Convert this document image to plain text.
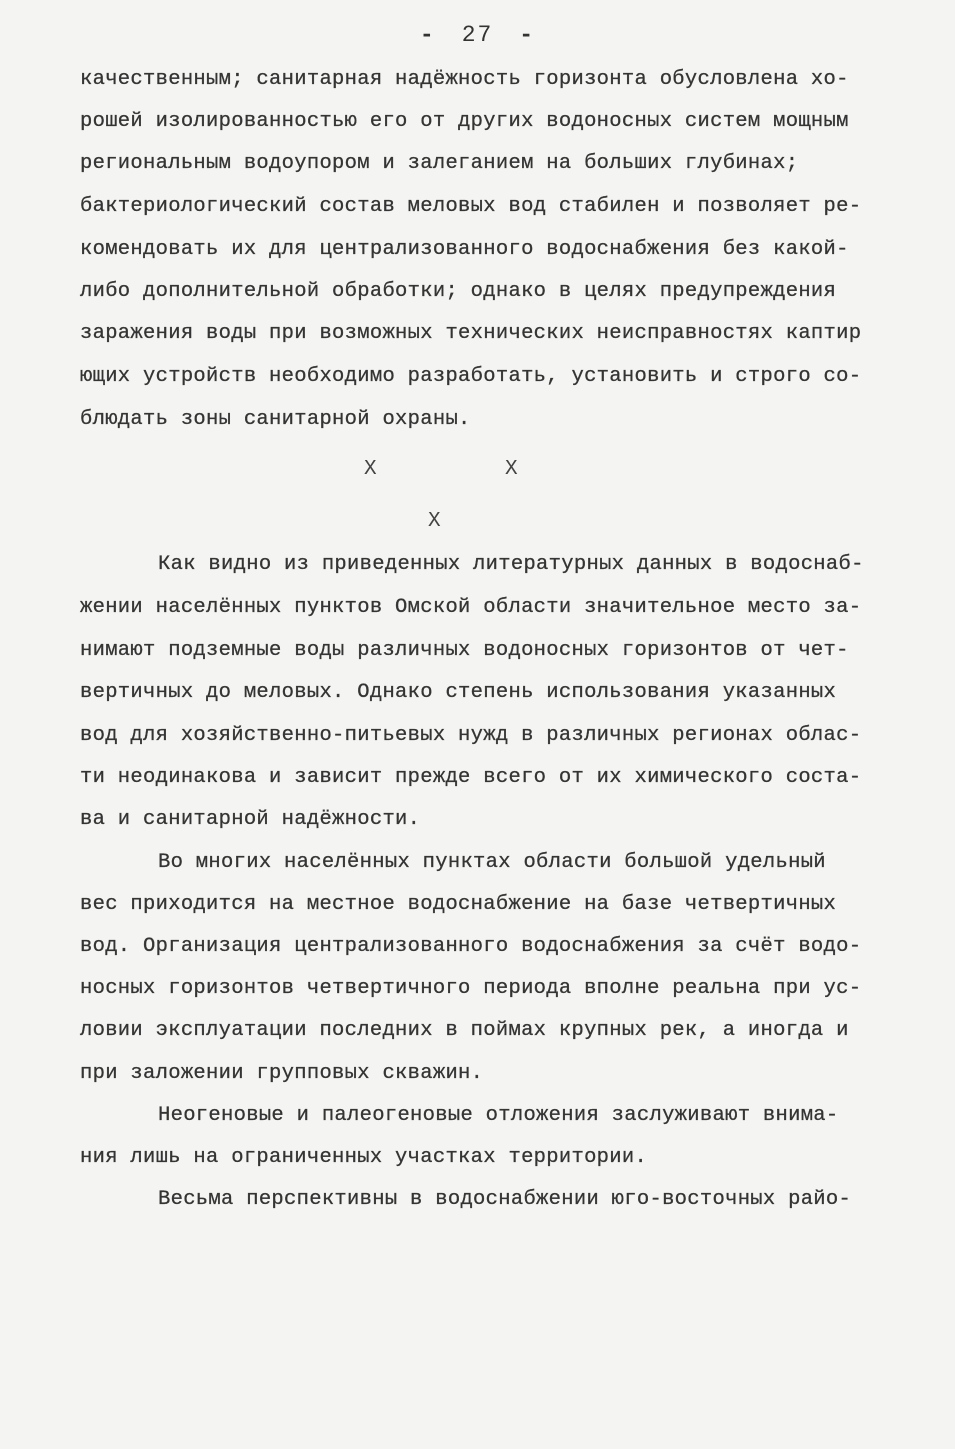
- 27 -
качественным; санитарная надёжность горизонта обусловлена хо-
рошей изолированностью его от других водоносных систем мощным
региональным водоупором и залеганием на больших глубинах;
бактериологический состав меловых вод стабилен и позволяет ре-
комендовать их для централизованного водоснабжения без какой-
либо дополнительной обработки; однако в целях предупреждения
заражения воды при возможных технических неисправностях каптир
ющих устройств необходимо разработать, установить и строго со-
блюдать зоны санитарной охраны.
X	X
X
Как видно из приведенных литературных данных в водоснаб-
жении населённых пунктов Омской области значительное место за-
нимают подземные воды различных водоносных горизонтов от чет-
вертичных до меловых. Однако степень использования указанных
вод для хозяйственно-питьевых нужд в различных регионах облас-
ти неодинакова и зависит прежде всего от их химического соста-
ва и санитарной надёжности.
Во многих населённых пунктах области большой удельный
вес приходится на местное водоснабжение на базе четвертичных
вод. Организация централизованного водоснабжения за счёт водо-
носных горизонтов четвертичного периода вполне реальна при ус-
ловии эксплуатации последних в поймах крупных рек, а иногда и
при заложении групповых скважин.
Неогеновые и палеогеновые отложения заслуживают внима-
ния лишь на ограниченных участках территории.
Весьма перспективны в водоснабжении юго-восточных райо-
